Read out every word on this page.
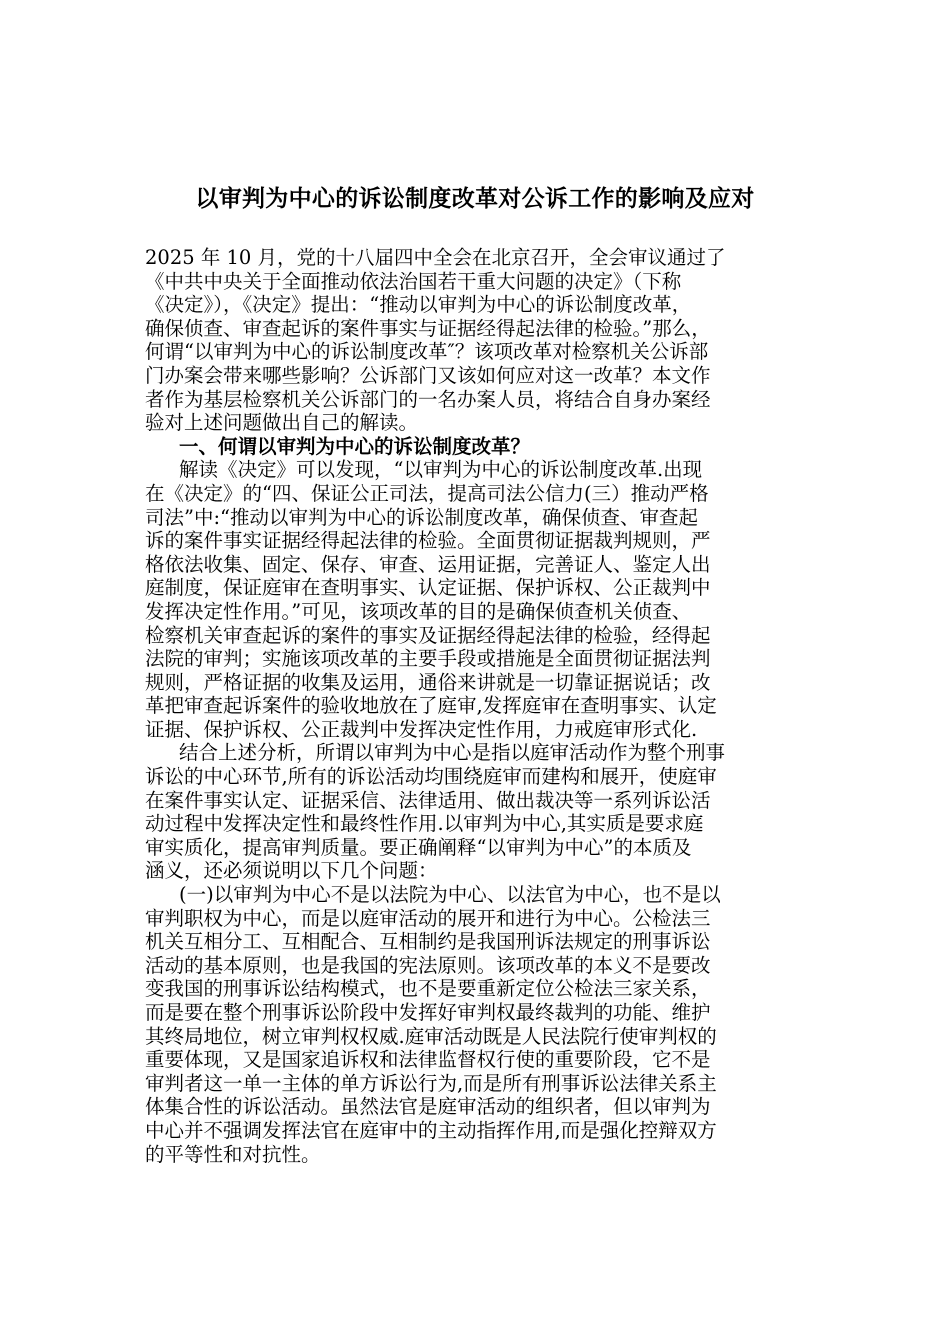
以审判为中心的诉讼制度改革对公诉工作的影响及应对
2025 年 10 月，党的十八届四中全会在北京召开，全会审议通过了
《中共中央关于全面推动依法治国若干重大问题的决定》（下称
《决定》），《决定》提出：“推动以审判为中心的诉讼制度改革，
确保侦查、审查起诉的案件事实与证据经得起法律的检验。”那么，
何谓“以审判为中心的诉讼制度改革″？该项改革对检察机关公诉部
门办案会带来哪些影响？公诉部门又该如何应对这一改革？本文作
者作为基层检察机关公诉部门的一名办案人员，将结合自身办案经
验对上述问题做出自己的解读。
一、何谓以审判为中心的诉讼制度改革？
解读《决定》可以发现，“以审判为中心的诉讼制度改革.出现
在《决定》的“四、保证公正司法，提高司法公信力(三）推动严格
司法”中:“推动以审判为中心的诉讼制度改革，确保侦查、审查起
诉的案件事实证据经得起法律的检验。全面贯彻证据裁判规则，严
格依法收集、固定、保存、审查、运用证据，完善证人、鉴定人出
庭制度，保证庭审在查明事实、认定证据、保护诉权、公正裁判中
发挥决定性作用。”可见，该项改革的目的是确保侦查机关侦查、
检察机关审查起诉的案件的事实及证据经得起法律的检验，经得起
法院的审判；实施该项改革的主要手段或措施是全面贯彻证据法判
规则，严格证据的收集及运用，通俗来讲就是一切靠证据说话；改
革把审查起诉案件的验收地放在了庭审,发挥庭审在查明事实、认定
证据、保护诉权、公正裁判中发挥决定性作用，力戒庭审形式化.
结合上述分析，所谓以审判为中心是指以庭审活动作为整个刑事
诉讼的中心环节,所有的诉讼活动均围绕庭审而建构和展开，使庭审
在案件事实认定、证据采信、法律适用、做出裁决等一系列诉讼活
动过程中发挥决定性和最终性作用.以审判为中心,其实质是要求庭
审实质化，提高审判质量。要正确阐释“以审判为中心”的本质及
涵义，还必须说明以下几个问题：
(一)以审判为中心不是以法院为中心、以法官为中心，也不是以
审判职权为中心，而是以庭审活动的展开和进行为中心。公检法三
机关互相分工、互相配合、互相制约是我国刑诉法规定的刑事诉讼
活动的基本原则，也是我国的宪法原则。该项改革的本义不是要改
变我国的刑事诉讼结构模式，也不是要重新定位公检法三家关系，
而是要在整个刑事诉讼阶段中发挥好审判权最终裁判的功能、维护
其终局地位，树立审判权权威.庭审活动既是人民法院行使审判权的
重要体现，又是国家追诉权和法律监督权行使的重要阶段，它不是
审判者这一单一主体的单方诉讼行为,而是所有刑事诉讼法律关系主
体集合性的诉讼活动。虽然法官是庭审活动的组织者，但以审判为
中心并不强调发挥法官在庭审中的主动指挥作用,而是强化控辩双方
的平等性和对抗性。
